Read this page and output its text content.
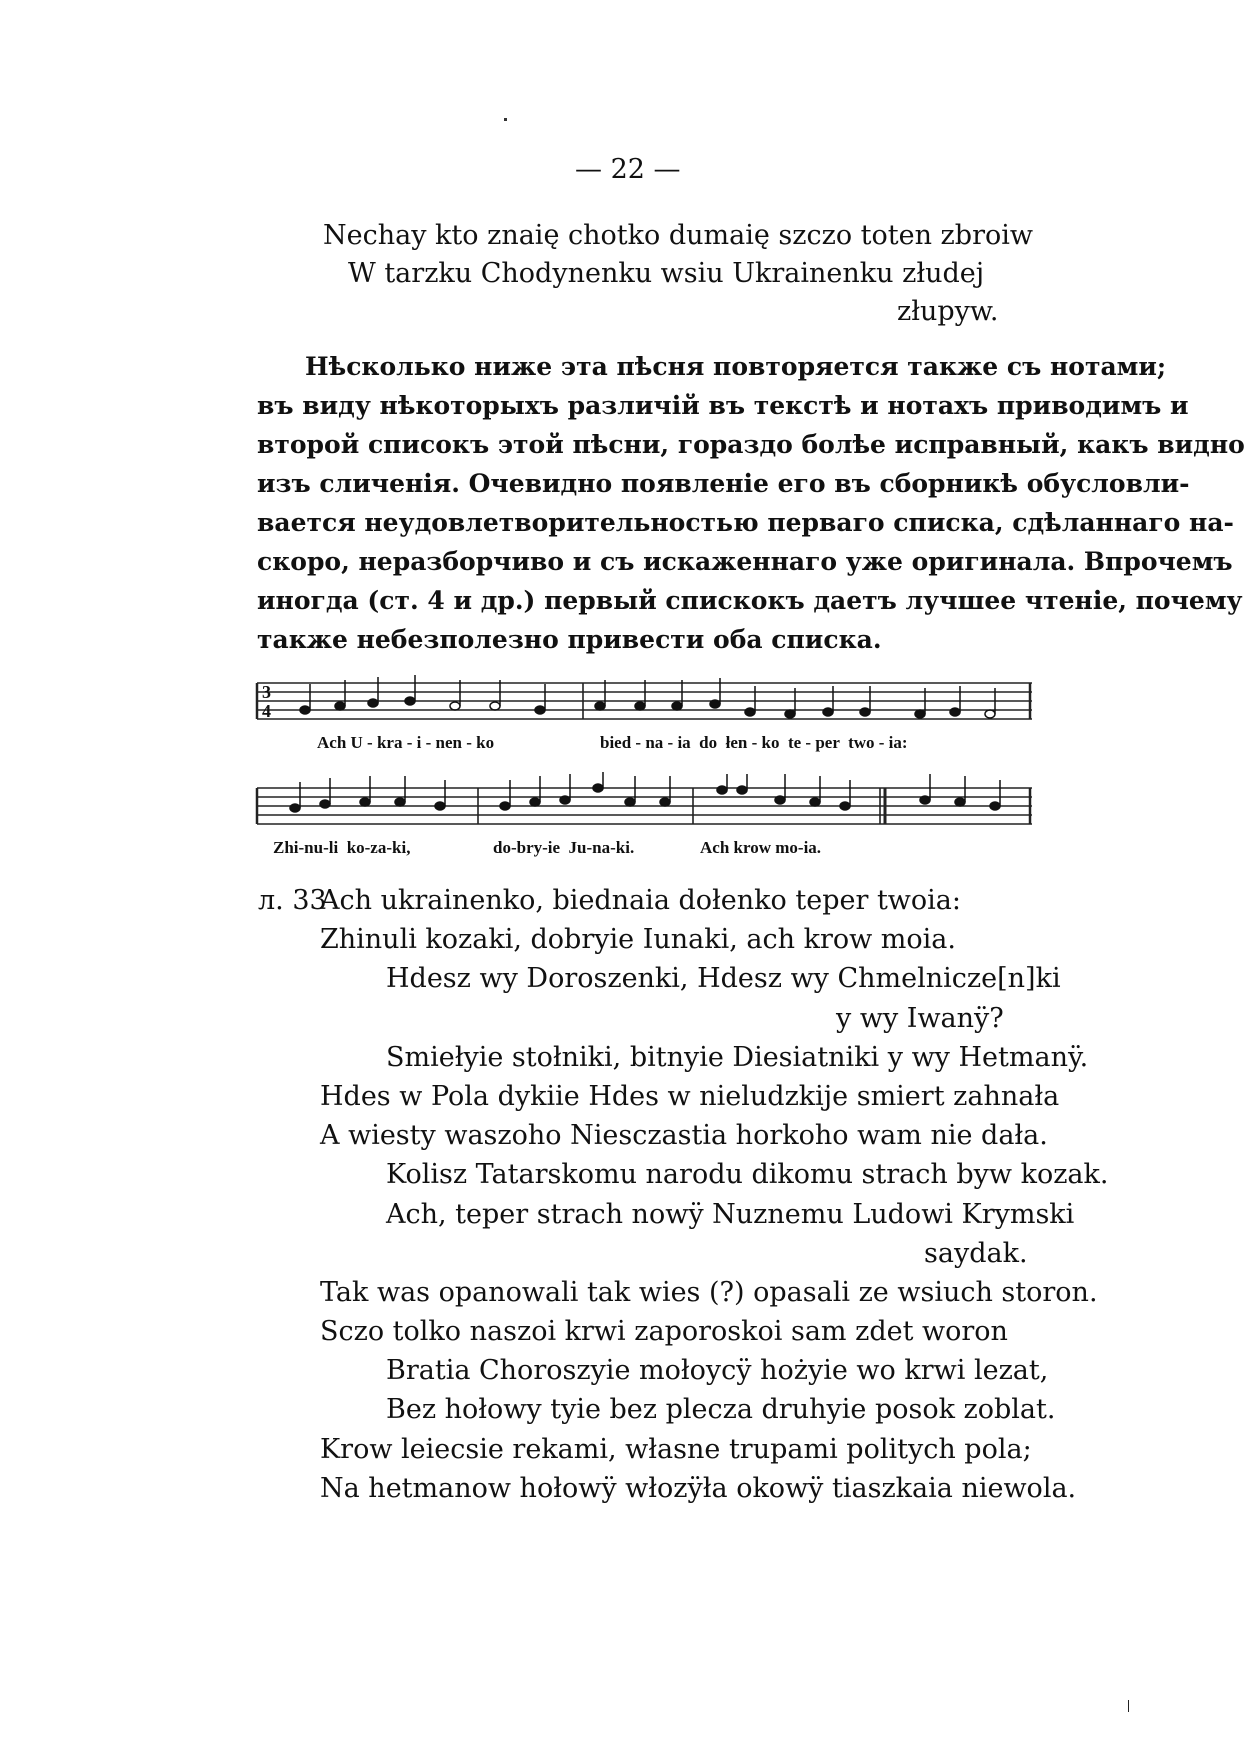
— 22 —
Nechay kto znaię chotko dumaię szczo toten zbroiw
W tarzku Chodynenku wsiu Ukrainenku złudej
złupyw.
Нѣсколько ниже эта пѣсня повторяется также съ нотами;
въ виду нѣкоторыхъ различій въ текстѣ и нотахъ приводимъ и
второй списокъ этой пѣсни, гораздо болѣе исправный, какъ видно
изъ сличенія. Очевидно появленіе его въ сборникѣ обусловли-
вается неудовлетворительностью перваго списка, сдѣланнаго на-
скоро, неразборчиво и съ искаженнаго уже оригинала. Впрочемъ
иногда (ст. 4 и др.) первый спискокъ даетъ лучшее чтеніе, почему
также небезполезно привести оба списка.
3
4
Ach U - kra - i - nen - ko	bied - na - ia  do  łen - ko  te - per  two - ia:
Zhi-nu-li  ko-za-ki,	do-bry-ie  Ju-na-ki.	Ach krow mo-ia.
л. 33
Ach ukrainenko, biednaia dołenko teper twoia:
Zhinuli kozaki, dobryie Iunaki, ach krow moia.
Hdesz wy Doroszenki, Hdesz wy Chmelnicze[n]ki
y wy Iwanÿ?
Smiełyie stołniki, bitnyie Diesiatniki y wy Hetmanÿ.
Hdes w Pola dykiie Hdes w nieludzkije smiert zahnała
A wiesty waszoho Niesczastia horkoho wam nie dała.
Kolisz Tatarskomu narodu dikomu strach byw kozak.
Ach, teper strach nowÿ Nuznemu Ludowi Krymski
saydak.
Tak was opanowali tak wies (?) opasali ze wsiuch storon.
Sczo tolko naszoi krwi zaporoskoi sam zdet woron
Bratia Choroszyie mołoycÿ hożyie wo krwi lezat,
Bez hołowy tyie bez plecza druhyie posok zoblat.
Krow leiecsie rekami, własne trupami politych pola;
Na hetmanow hołowÿ włozÿła okowÿ tiaszkaia niewola.
